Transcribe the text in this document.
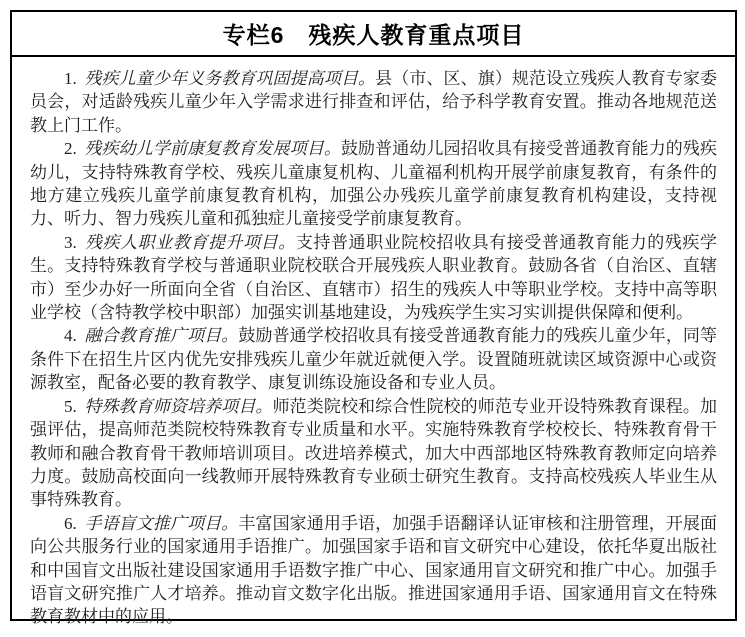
专栏6　残疾人教育重点项目

1. 残疾儿童少年义务教育巩固提高项目。县（市、区、旗）规范设立残疾人教育专家委员会，对适龄残疾儿童少年入学需求进行排查和评估，给予科学教育安置。推动各地规范送教上门工作。

2. 残疾幼儿学前康复教育发展项目。鼓励普通幼儿园招收具有接受普通教育能力的残疾幼儿，支持特殊教育学校、残疾儿童康复机构、儿童福利机构开展学前康复教育，有条件的地方建立残疾儿童学前康复教育机构，加强公办残疾儿童学前康复教育机构建设，支持视力、听力、智力残疾儿童和孤独症儿童接受学前康复教育。

3. 残疾人职业教育提升项目。支持普通职业院校招收具有接受普通教育能力的残疾学生。支持特殊教育学校与普通职业院校联合开展残疾人职业教育。鼓励各省（自治区、直辖市）至少办好一所面向全省（自治区、直辖市）招生的残疾人中等职业学校。支持中高等职业学校（含特教学校中职部）加强实训基地建设，为残疾学生实习实训提供保障和便利。

4. 融合教育推广项目。鼓励普通学校招收具有接受普通教育能力的残疾儿童少年，同等条件下在招生片区内优先安排残疾儿童少年就近就便入学。设置随班就读区域资源中心或资源教室，配备必要的教育教学、康复训练设施设备和专业人员。

5. 特殊教育师资培养项目。师范类院校和综合性院校的师范专业开设特殊教育课程。加强评估，提高师范类院校特殊教育专业质量和水平。实施特殊教育学校校长、特殊教育骨干教师和融合教育骨干教师培训项目。改进培养模式，加大中西部地区特殊教育教师定向培养力度。鼓励高校面向一线教师开展特殊教育专业硕士研究生教育。支持高校残疾人毕业生从事特殊教育。

6. 手语盲文推广项目。丰富国家通用手语，加强手语翻译认证审核和注册管理，开展面向公共服务行业的国家通用手语推广。加强国家手语和盲文研究中心建设，依托华夏出版社和中国盲文出版社建设国家通用手语数字推广中心、国家通用盲文研究和推广中心。加强手语盲文研究推广人才培养。推动盲文数字化出版。推进国家通用手语、国家通用盲文在特殊教育教材中的应用。
